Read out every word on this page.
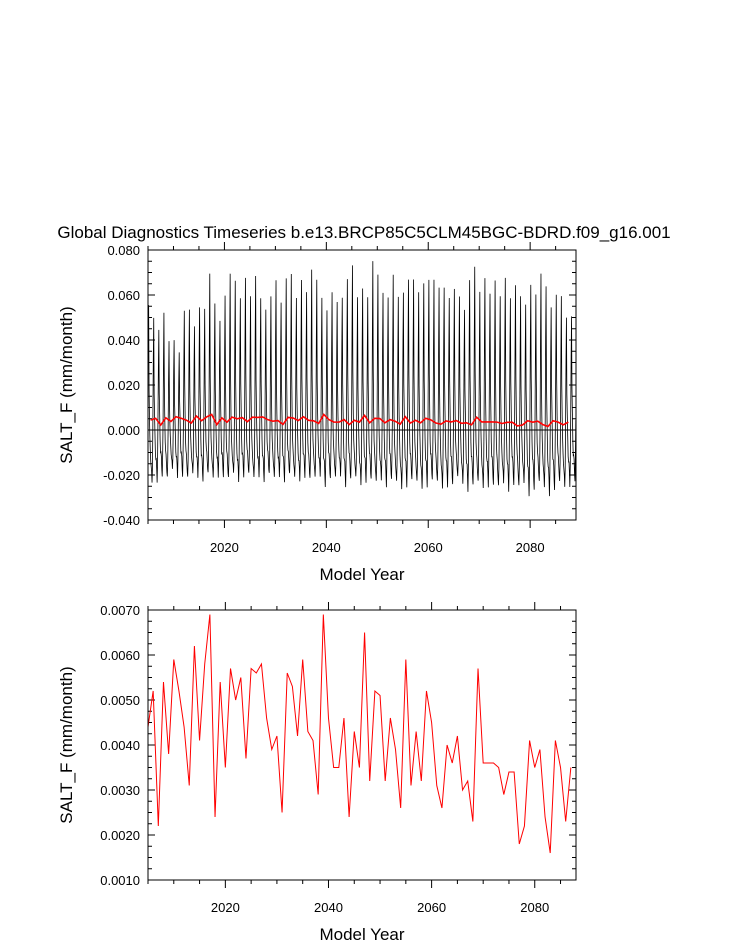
Global Diagnostics Timeseries b.e13.BRCP85C5CLM45BGC-BDRD.f09_g16.001
-0.040
-0.020
0.000
0.020
0.040
0.060
0.080
2020	2040	2060	2080
Model Year
SALT_F (mm/month)
0.0010
0.0020
0.0030
0.0040
0.0050
0.0060
0.0070
2020	2040	2060	2080
Model Year
SALT_F (mm/month)
